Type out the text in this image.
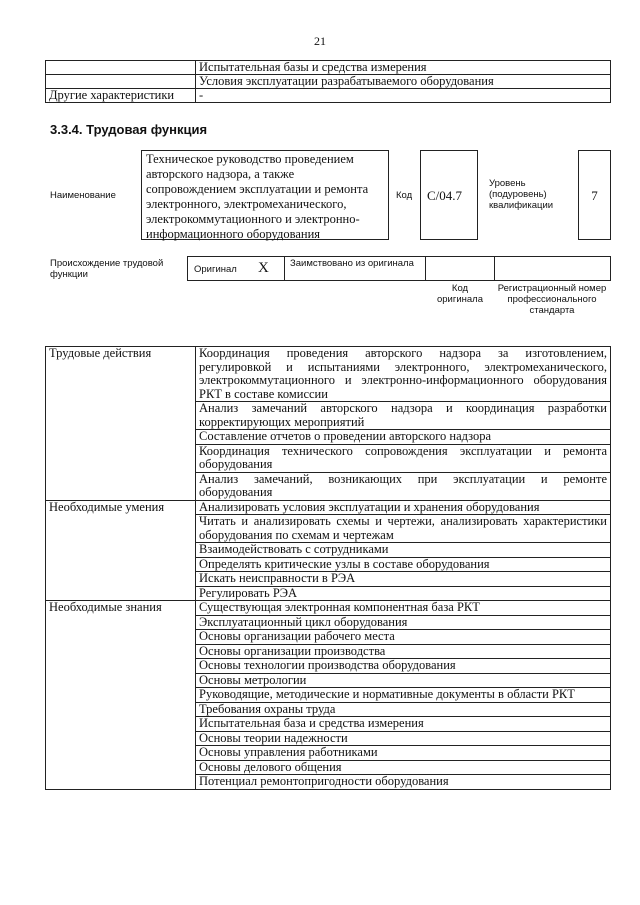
21
	Испытательная базы и средства измерения
	Условия эксплуатации разрабатываемого оборудования
Другие характеристики	-
3.3.4. Трудовая функция
Наименование
Техническое руководство проведением авторского надзора, а также сопровождением эксплуатации и ремонта электронного, электромеханического, электрокоммутационного и электронно-информационного оборудования
Код	С/04.7
Уровень (подуровень) квалификации
7
Происхождение трудовой функции	Оригинал X	Заимствовано из оригинала
Код оригинала
Регистрационный номер профессионального стандарта
Трудовые действия	Координация проведения авторского надзора за изготовлением, регулировкой и испытаниями электронного, электромеханического, электрокоммутационного и электронно-информационного оборудования РКТ в составе комиссии
	Анализ замечаний авторского надзора и координация разработки корректирующих мероприятий
	Составление отчетов о проведении авторского надзора
	Координация технического сопровождения эксплуатации и ремонта оборудования
	Анализ замечаний, возникающих при эксплуатации и ремонте оборудования
Необходимые умения	Анализировать условия эксплуатации и хранения оборудования
	Читать и анализировать схемы и чертежи, анализировать характеристики оборудования по схемам и чертежам
	Взаимодействовать с сотрудниками
	Определять критические узлы в составе оборудования
	Искать неисправности в РЭА
	Регулировать РЭА
Необходимые знания	Существующая электронная компонентная база РКТ
	Эксплуатационный цикл оборудования
	Основы организации рабочего места
	Основы организации производства
	Основы технологии производства оборудования
	Основы метрологии
	Руководящие, методические и нормативные документы в области РКТ
	Требования охраны труда
	Испытательная база и средства измерения
	Основы теории надежности
	Основы управления работниками
	Основы делового общения
	Потенциал ремонтопригодности оборудования
